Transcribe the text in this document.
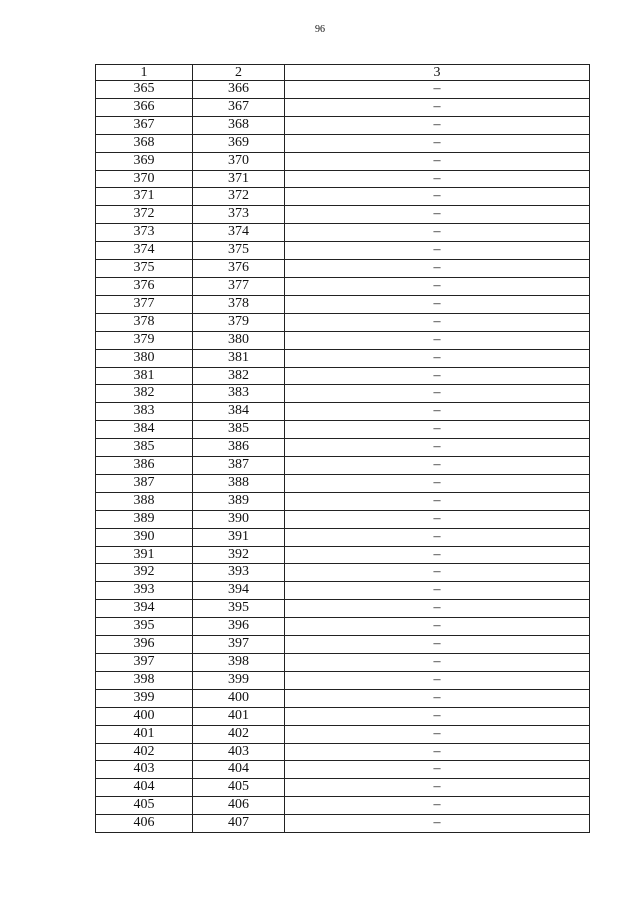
96
1	2	3
365	366	–
366	367	–
367	368	–
368	369	–
369	370	–
370	371	–
371	372	–
372	373	–
373	374	–
374	375	–
375	376	–
376	377	–
377	378	–
378	379	–
379	380	–
380	381	–
381	382	–
382	383	–
383	384	–
384	385	–
385	386	–
386	387	–
387	388	–
388	389	–
389	390	–
390	391	–
391	392	–
392	393	–
393	394	–
394	395	–
395	396	–
396	397	–
397	398	–
398	399	–
399	400	–
400	401	–
401	402	–
402	403	–
403	404	–
404	405	–
405	406	–
406	407	–
